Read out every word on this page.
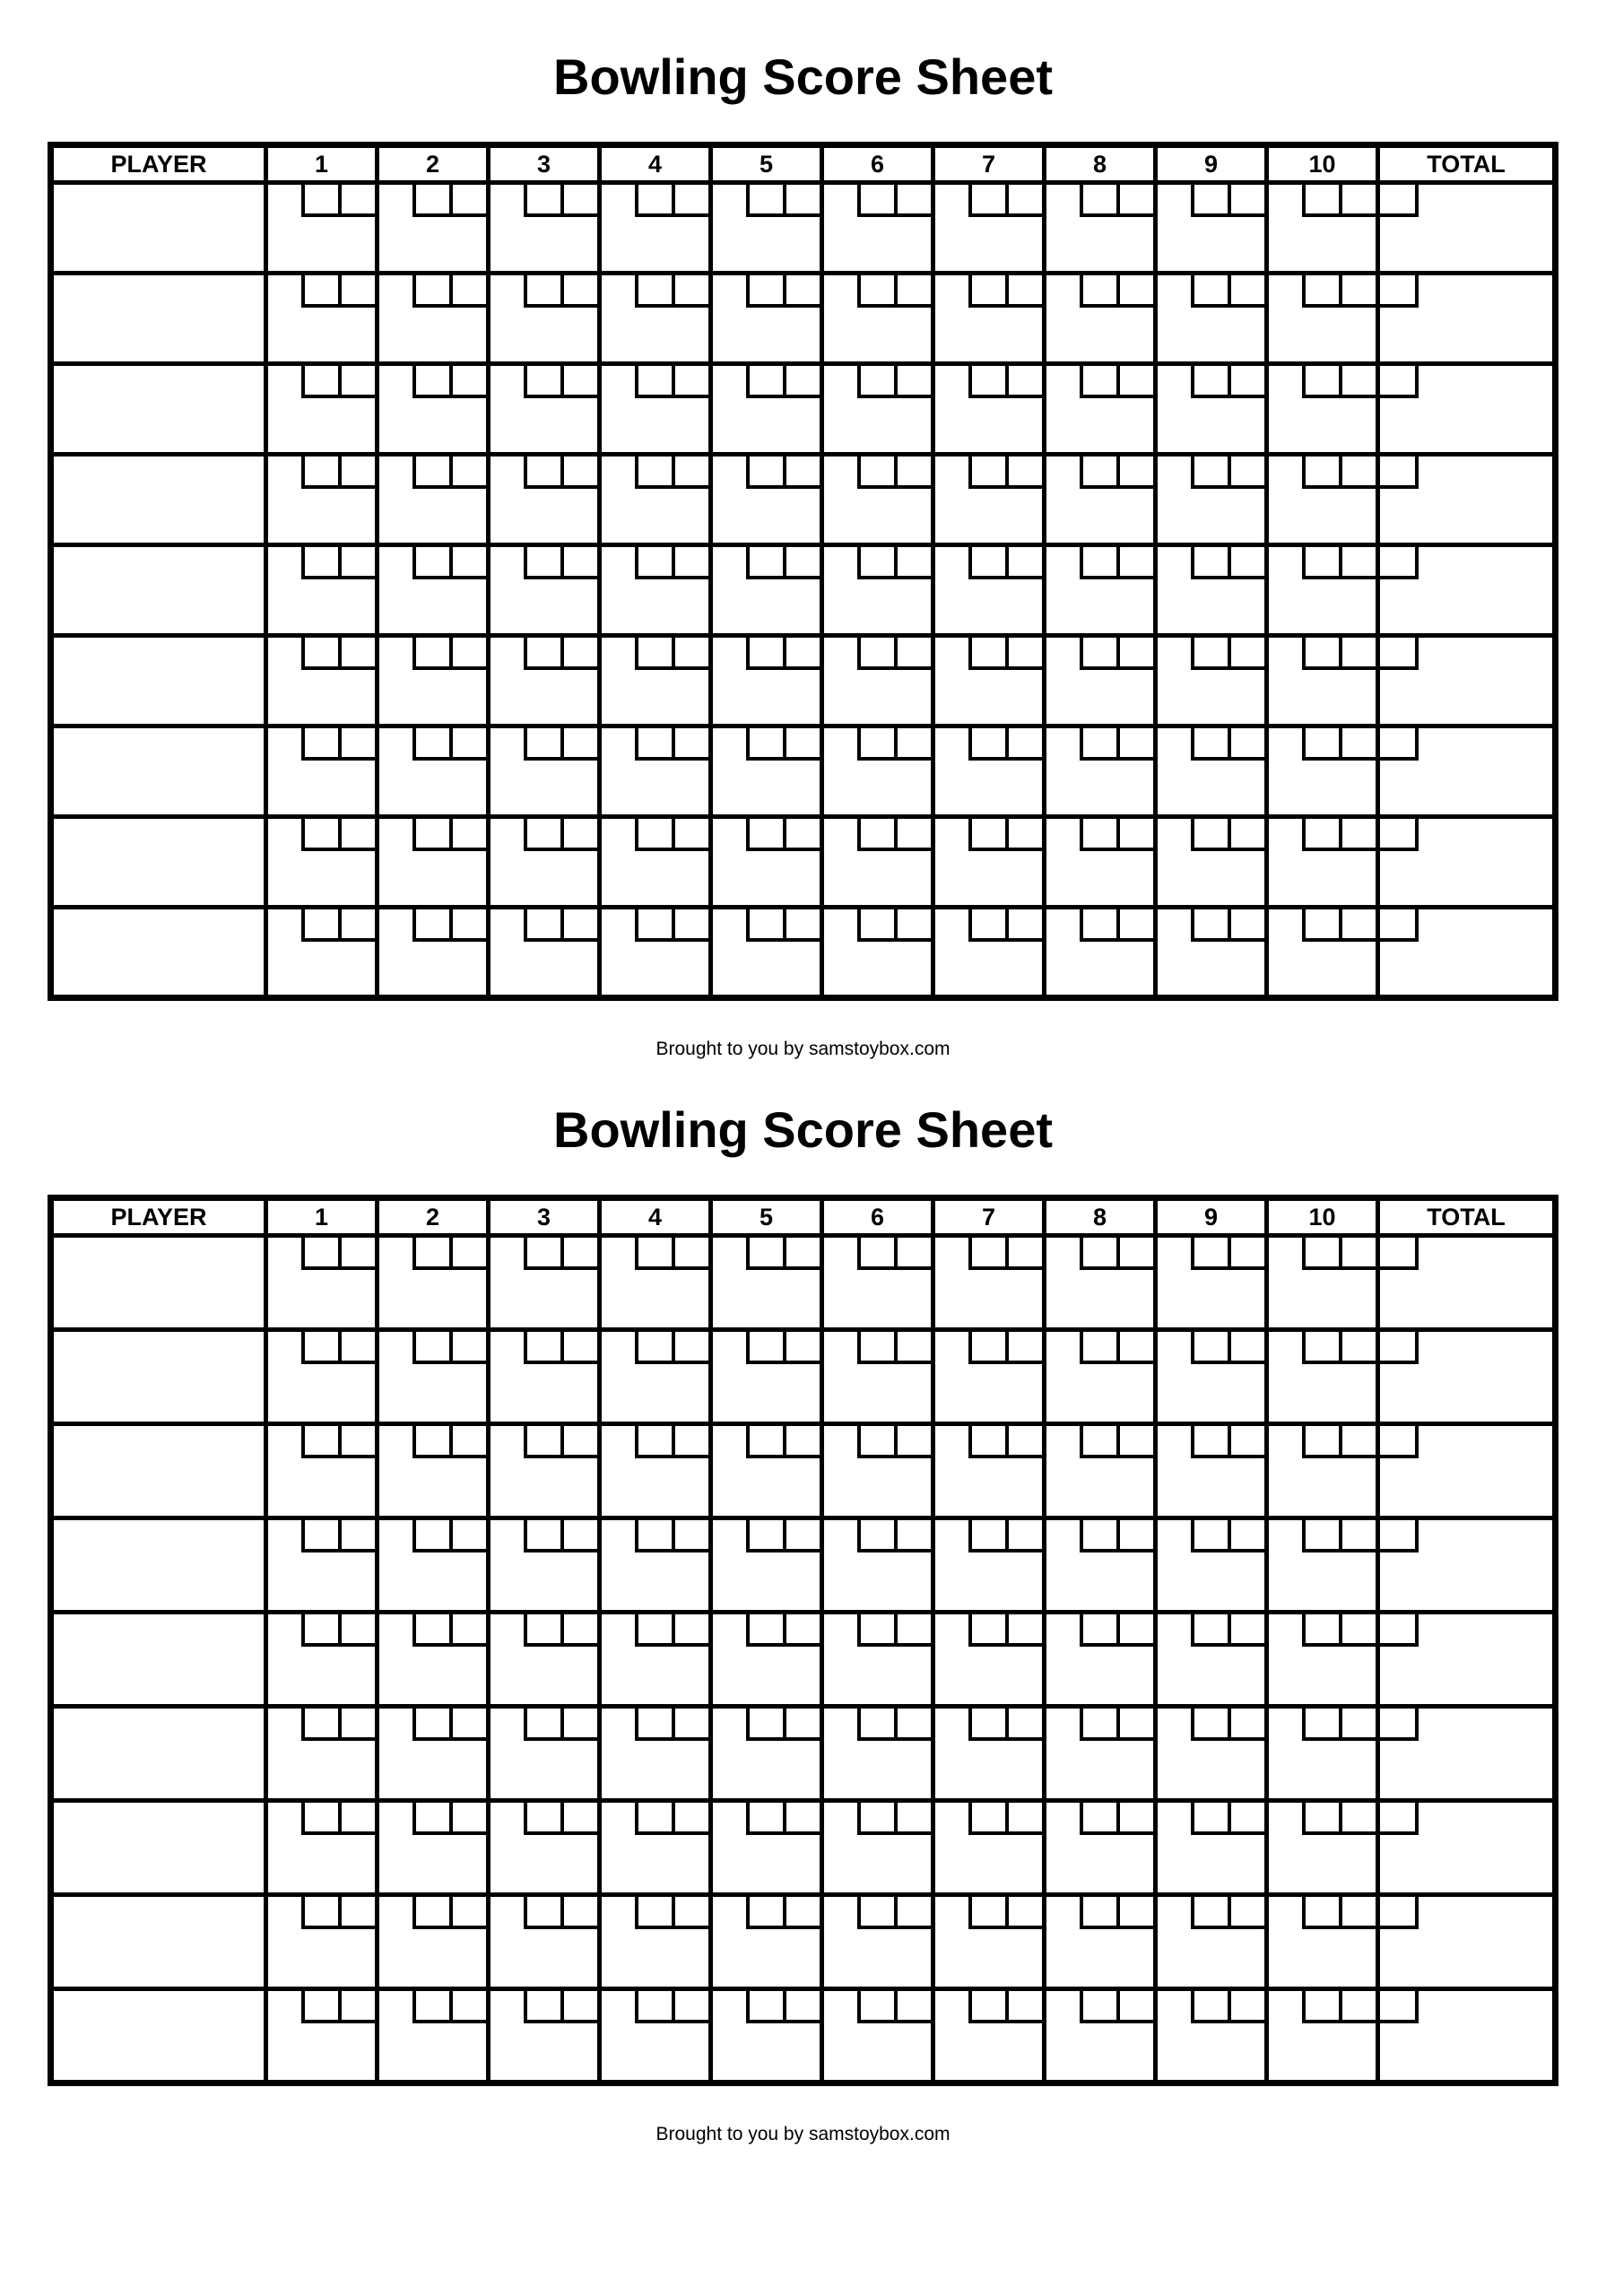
Bowling Score Sheet
PLAYER	1	2	3	4	5	6	7	8	9	10	TOTAL

Brought to you by samstoybox.com

Bowling Score Sheet
PLAYER	1	2	3	4	5	6	7	8	9	10	TOTAL

Brought to you by samstoybox.com
